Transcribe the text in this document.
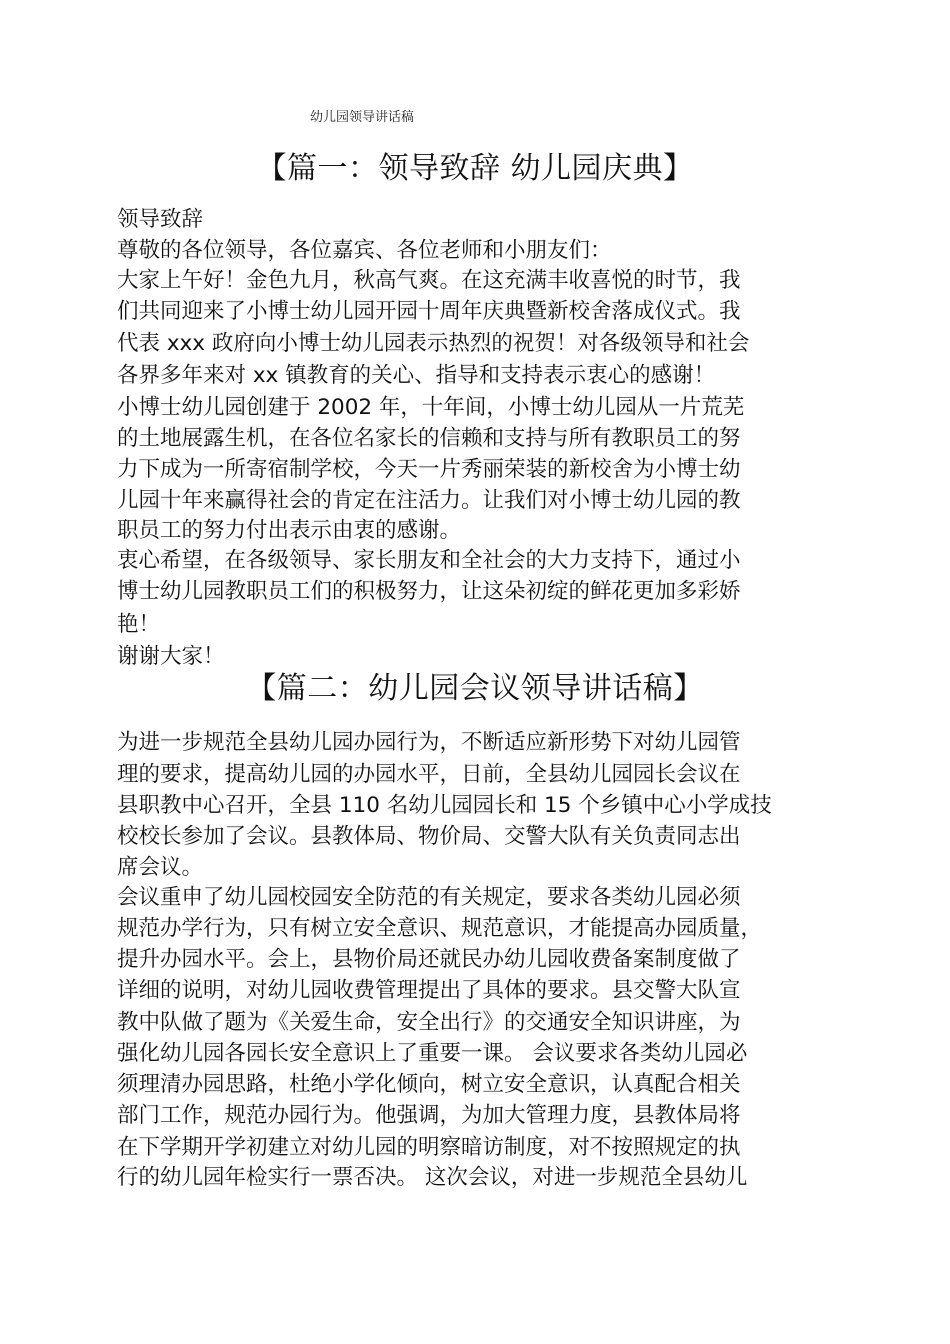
幼儿园领导讲话稿
【篇一：领导致辞 幼儿园庆典】
领导致辞
尊敬的各位领导，各位嘉宾、各位老师和小朋友们：
大家上午好！金色九月，秋高气爽。在这充满丰收喜悦的时节，我
们共同迎来了小博士幼儿园开园十周年庆典暨新校舍落成仪式。我
代表 xxx 政府向小博士幼儿园表示热烈的祝贺！对各级领导和社会
各界多年来对 xx 镇教育的关心、指导和支持表示衷心的感谢！
小博士幼儿园创建于 2002 年，十年间，小博士幼儿园从一片荒芜
的土地展露生机，在各位名家长的信赖和支持与所有教职员工的努
力下成为一所寄宿制学校，今天一片秀丽荣装的新校舍为小博士幼
儿园十年来赢得社会的肯定在注活力。让我们对小博士幼儿园的教
职员工的努力付出表示由衷的感谢。
衷心希望，在各级领导、家长朋友和全社会的大力支持下，通过小
博士幼儿园教职员工们的积极努力，让这朵初绽的鲜花更加多彩娇
艳！
谢谢大家！
【篇二：幼儿园会议领导讲话稿】
为进一步规范全县幼儿园办园行为，不断适应新形势下对幼儿园管
理的要求，提高幼儿园的办园水平，日前，全县幼儿园园长会议在
县职教中心召开，全县 110 名幼儿园园长和 15 个乡镇中心小学成技
校校长参加了会议。县教体局、物价局、交警大队有关负责同志出
席会议。
会议重申了幼儿园校园安全防范的有关规定，要求各类幼儿园必须
规范办学行为，只有树立安全意识、规范意识，才能提高办园质量，
提升办园水平。会上，县物价局还就民办幼儿园收费备案制度做了
详细的说明，对幼儿园收费管理提出了具体的要求。县交警大队宣
教中队做了题为《关爱生命，安全出行》的交通安全知识讲座，为
强化幼儿园各园长安全意识上了重要一课。 会议要求各类幼儿园必
须理清办园思路，杜绝小学化倾向，树立安全意识，认真配合相关
部门工作，规范办园行为。他强调，为加大管理力度，县教体局将
在下学期开学初建立对幼儿园的明察暗访制度，对不按照规定的执
行的幼儿园年检实行一票否决。 这次会议，对进一步规范全县幼儿
